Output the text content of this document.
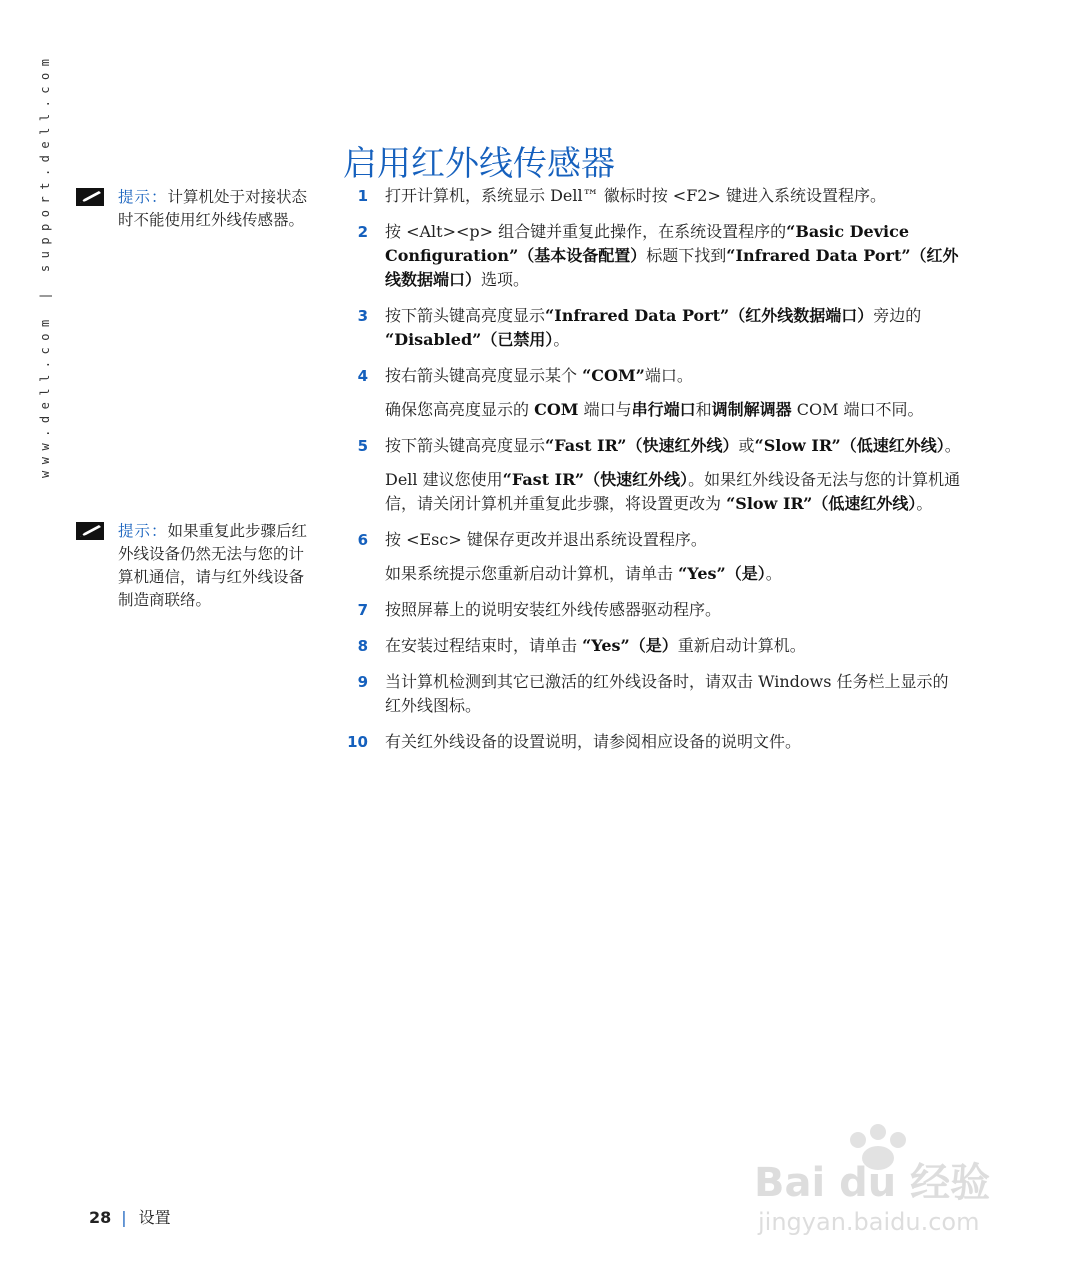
www.dell.com | support.dell.com	启用红外线传感器
提示：计算机处于对接状态时不能使用红外线传感器。
提示：如果重复此步骤后红外线设备仍然无法与您的计算机通信，请与红外线设备制造商联络。
1 打开计算机，系统显示 Dell™ 徽标时按 <F2> 键进入系统设置程序。
2 按 <Alt><p> 组合键并重复此操作，在系统设置程序的“Basic Device Configuration”（基本设备配置）标题下找到“Infrared Data Port”（红外线数据端口）选项。
3 按下箭头键高亮度显示“Infrared Data Port”（红外线数据端口）旁边的 “Disabled”（已禁用）。
4 按右箭头键高亮度显示某个 “COM”端口。
确保您高亮度显示的 COM 端口与串行端口和调制解调器 COM 端口不同。
5 按下箭头键高亮度显示“Fast IR”（快速红外线）或“Slow IR”（低速红外线）。
Dell 建议您使用“Fast IR”（快速红外线）。如果红外线设备无法与您的计算机通信，请关闭计算机并重复此步骤，将设置更改为 “Slow IR”（低速红外线）。
6 按 <Esc> 键保存更改并退出系统设置程序。
如果系统提示您重新启动计算机，请单击 “Yes”（是）。
7 按照屏幕上的说明安装红外线传感器驱动程序。
8 在安装过程结束时，请单击 “Yes”（是）重新启动计算机。
9 当计算机检测到其它已激活的红外线设备时，请双击 Windows 任务栏上显示的红外线图标。
10 有关红外线设备的设置说明，请参阅相应设备的说明文件。
28 | 设置
Bai du 经验
jingyan.baidu.com
